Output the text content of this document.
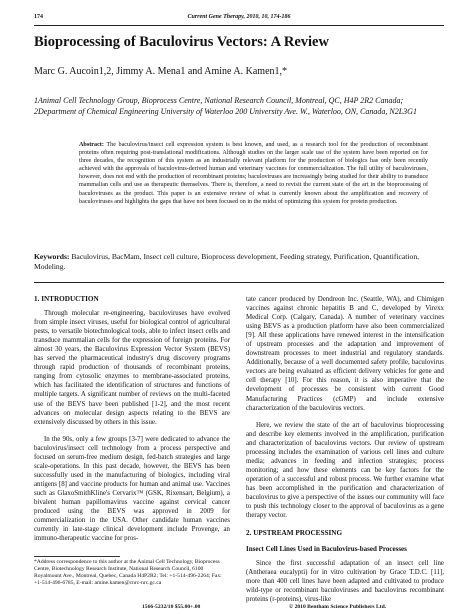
174	Current Gene Therapy, 2010, 10, 174-186
Bioprocessing of Baculovirus Vectors: A Review
Marc G. Aucoin1,2, Jimmy A. Mena1 and Amine A. Kamen1,*

1Animal Cell Technology Group, Bioprocess Centre, National Research Council, Montreal, QC, H4P 2R2 Canada;

2Department of Chemical Engineering University of Waterloo 200 University Ave. W., Waterloo, ON, Canada, N2L3G1

Abstract: The baculovirus/insect cell expression system is best known, and used, as a research tool for the production of recombinant proteins often requiring post-translational modifications. Although studies on the larger scale use of the system have been reported on for three decades, the recognition of this system as an industrially relevant platform for the production of biologics has only been recently achieved with the approvals of baculovirus-derived human and veterinary vaccines for commercialization. The full utility of baculoviruses, however, does not end with the production of recombinant proteins; baculoviruses are increasingly being studied for their ability to transduce mammalian cells and use as therapeutic themselves. There is, therefore, a need to revisit the current state of the art in the bioprocessing of baculoviruses as the product. This paper is an extensive review of what is currently known about the amplification and recovery of baculoviruses and highlights the gaps that have not been focused on in the midst of optimizing this system for protein production.
Keywords: Baculovirus, BacMam, Insect cell culture, Bioprocess development, Feeding strategy, Purification, Quantification, Modeling.
1. INTRODUCTION
Through molecular re-engineering, baculoviruses have evolved from simple insect viruses, useful for biological control of agricultural pests, to versatile biotechnological tools, able to infect insect cells and transduce mammalian cells for the expression of foreign proteins. For almost 30 years, the Baculovirus Expression Vector System (BEVS) has served the pharmaceutical industry's drug discovery programs through rapid production of thousands of recombinant proteins, ranging from cytosolic enzymes to membrane-associated proteins, which has facilitated the identification of structures and functions of multiple targets. A significant number of reviews on the multi-faceted use of the BEVS have been published [1-2], and the most recent advances on molecular design aspects relating to the BEVS are extensively discussed by others in this issue.
In the 90s, only a few groups [3-7] were dedicated to advance the baculovirus/insect cell technology from a process perspective and focused on serum-free medium design, fed-batch strategies and large scale-operations. In this past decade, however, the BEVS has been successfully used in the manufacturing of biologics, including viral antigens [8] and vaccine products for human and animal use. Vaccines such as GlaxoSmithKline's Cervarix™ (GSK, Rixensart, Belgium), a bivalent human papillomavirus vaccine against cervical cancer produced using the BEVS was approved in 2009 for commercialization in the USA. Other candidate human vaccines currently in late-stage clinical development include Provenge, an immuno-therapeutic vaccine for pros-
tate cancer produced by Dendreon Inc. (Seattle, WA), and Chimigen vaccines against chronic hepatitis B and C, developed by Virexx Medical Corp. (Calgary, Canada). A number of veterinary vaccines using BEVS as a production platform have also been commercialized [9]. All these applications have renewed interest in the intensification of upstream processes and the adaptation and improvement of downstream processes to meet industrial and regulatory standards. Additionally, because of a well documented safety profile, baculovirus vectors are being evaluated as efficient delivery vehicles for gene and cell therapy [10]. For this reason, it is also imperative that the development of processes be consistent with current Good Manufacturing Practices (cGMP) and include extensive characterization of the baculovirus vectors.
Here, we review the state of the art of baculovirus bioprocessing and describe key elements involved in the amplification, purification and characterization of baculovirus vectors. Our review of upstream processing includes the examination of various cell lines and culture media; advances in feeding and infection strategies; process monitoring; and how these elements can be key factors for the operation of a successful and robust process. We further examine what has been accomplished in the purification and characterization of baculovirus to give a perspective of the issues our community will face to push this technology closer to the approval of baculovirus as a gene therapy vector.
2. UPSTREAM PROCESSING
Insect Cell Lines Used in Baculovirus-based Processes
Since the first successful adaptation of an insect cell line (Antheraea eucalypti) for in vitro cultivation by Grace T.D.C. [11], more than 400 cell lines have been adapted and cultivated to produce wild-type or recombinant baculoviruses and baculovirus recombinant proteins (r-proteins), virus-like
*Address correspondence to this author at the Animal Cell Technology, Bioprocess Centre, Biotechnology Research Institute, National Research Council, 6100 Royalmount Ave., Montreal, Quebec, Canada H4P2R2; Tel: +1-514-496-2264; Fax: +1-514-496-6785, E-mail: amine.kamen@cnrc-nrc.gc.ca
1566-5232/10 $55.00+.00	© 2010 Bentham Science Publishers Ltd.
